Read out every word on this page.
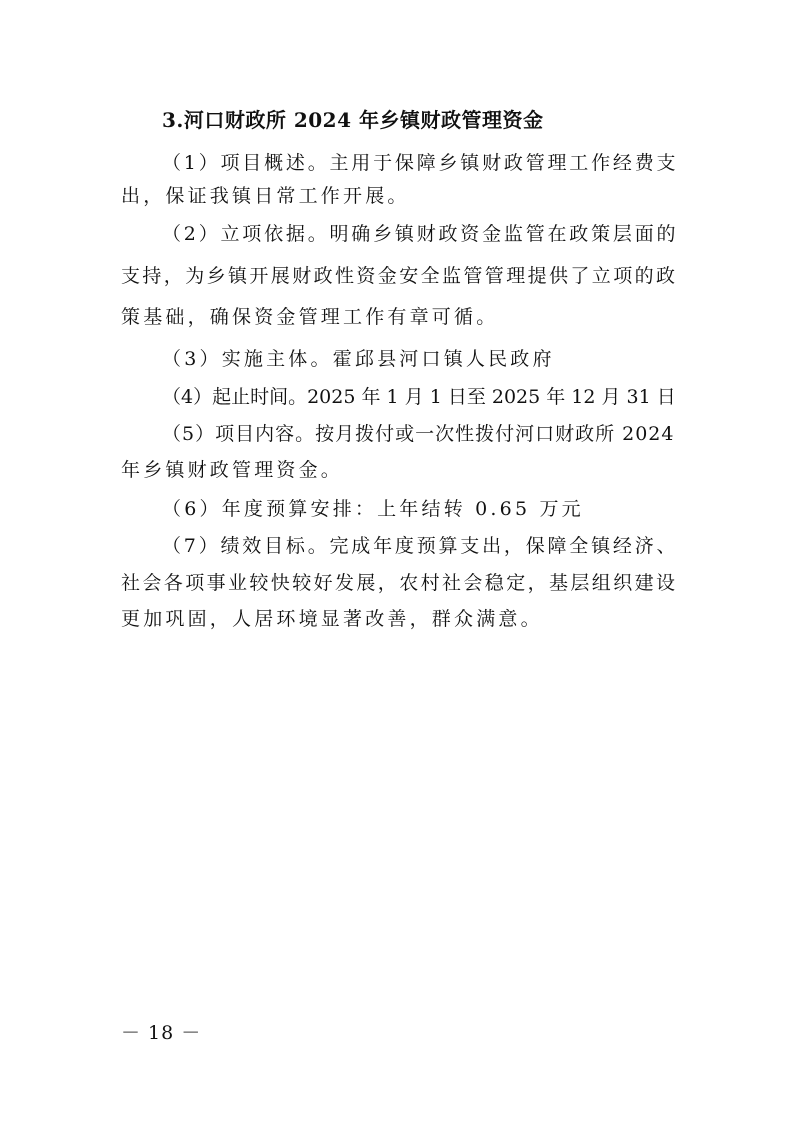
3.河口财政所 2024 年乡镇财政管理资金
（1）项目概述。主用于保障乡镇财政管理工作经费支
出，保证我镇日常工作开展。
（2）立项依据。明确乡镇财政资金监管在政策层面的
支持，为乡镇开展财政性资金安全监管管理提供了立项的政
策基础，确保资金管理工作有章可循。
（3）实施主体。霍邱县河口镇人民政府
（4）起止时间。2025 年 1 月 1 日至 2025 年 12 月 31 日
（5）项目内容。按月拨付或一次性拨付河口财政所 2024
年乡镇财政管理资金。
（6）年度预算安排：上年结转 0.65 万元
（7）绩效目标。完成年度预算支出，保障全镇经济、
社会各项事业较快较好发展，农村社会稳定，基层组织建设
更加巩固，人居环境显著改善，群众满意。
－ 18 －
